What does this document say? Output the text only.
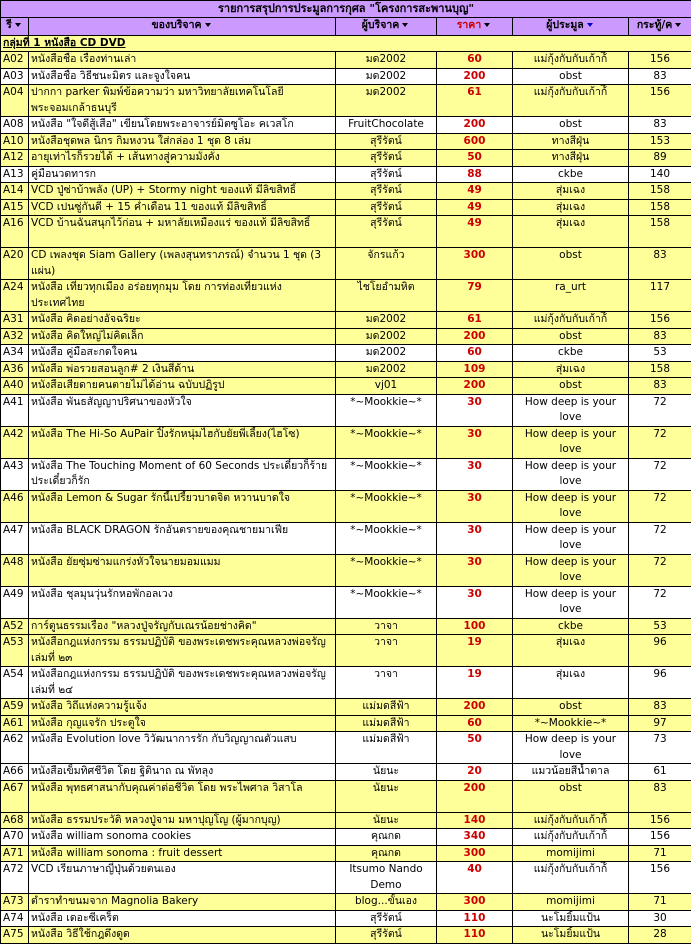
รายการสรุปการประมูลการกุศล "โครงการสะพานบุญ"					
รี	ของบริจาค	ผู้บริจาค	ราคา	ผู้ประมูล	กระทู้/ค
กลุ่มที่ 1 หนังสือ CD DVD					
A02	หนังสือชื่อ เรื่องท่านเล่า	มด2002	60	แม่กุ้งกับกับเก้าก้ี	156
A03	หนังสือชื่อ วิธีชนะมิตร และจูงใจคน	มด2002	200	obst	83
A04	ปากกา parker พิมพ์ข้อความว่า มหาวิทยาลัยเทคโนโลยีพระจอมเกล้าธนบุรี	มด2002	61	แม่กุ้งกับกับเก้าก้ี	156
A08	หนังสือ "ใจดีสู้เสือ" เขียนโดยพระอาจารย์มิตซูโอะ คเวสโก	FruitChocolate	200	obst	83
A10	หนังสือชุดพล นิกร กิมหงวน ใส่กล่อง 1 ชุด 8 เล่ม	สุรีรัตน์	600	ทางสีฝุ่น	153
A12	อายุเท่าไรก็รวยได้ + เส้นทางสู่ความมั่งคั่ง	สุรีรัตน์	50	ทางสีฝุ่น	89
A13	คู่มือนวดทารก	สุรีรัตน์	88	ckbe	140
A14	VCD ปู่ซ่าบ้าพลัง (UP) + Stormy night ของแท้ มีลิขสิทธิ์	สุรีรัตน์	49	สุ่มเฉง	158
A15	VCD เปนซู่กันดี + 15 ค่ำเดือน 11 ของแท้ มีลิขสิทธิ์	สุรีรัตน์	49	สุ่มเฉง	158
A16	VCD บ้านฉันสนุกไว้ก่อน + มหาลัยเหมืองแร่ ของแท้ มีลิขสิทธิ์	สุรีรัตน์	49	สุ่มเฉง	158
A20	CD เพลงชุด Siam Gallery (เพลงสุนทราภรณ์) จำนวน 1 ชุด (3 แผ่น)	จักรแก้ว	300	obst	83
A24	หนังสือ เที่ยวทุกเมือง อร่อยทุกมุม โดย การท่องเที่ยวแห่งประเทศไทย	ไชโยอำมหิต	79	ra_urt	117
A31	หนังสือ คิดอย่างอัจฉริยะ	มด2002	61	แม่กุ้งกับกับเก้าก้ี	156
A32	หนังสือ คิดใหญ่ไม่คิดเล็ก	มด2002	200	obst	83
A34	หนังสือ คู่มือสะกดใจคน	มด2002	60	ckbe	53
A36	หนังสือ พ่อรวยสอนลูก# 2 เงินสี่ด้าน	มด2002	109	สุ่มเฉง	158
A40	หนังสือเสียดายคนตายไม่ได้อ่าน ฉบับปฏิรูป	vj01	200	obst	83
A41	หนังสือ พันธสัญญาปริศนาของหัวใจ	*~Mookkie~*	30	How deep is your love	72
A42	หนังสือ The Hi-So AuPair ปิ๊งรักหนุ่มไฮกับยัยพี่เลี้ยง(ไฮโซ)	*~Mookkie~*	30	How deep is your love	72
A43	หนังสือ The Touching Moment of 60 Seconds ประเดี๋ยวก็ร้าย ประเดี๋ยวก็รัก	*~Mookkie~*	30	How deep is your love	72
A46	หนังสือ Lemon & Sugar รักนี้เปรี้ยวบาดจิต หวานบาดใจ	*~Mookkie~*	30	How deep is your love	72
A47	หนังสือ BLACK DRAGON รักอันตรายของคุณชายมาเฟีย	*~Mookkie~*	30	How deep is your love	72
A48	หนังสือ ยัยซุ่มซ่ามแกร่งหัวใจนายมอมแมม	*~Mookkie~*	30	How deep is your love	72
A49	หนังสือ ชุลมุนวุ่นรักหอพักอลเวง	*~Mookkie~*	30	How deep is your love	72
A52	การ์ตูนธรรมเรื่อง "หลวงปู่จรัญกับเณรน้อยช่างคิด"	วาจา	100	ckbe	53
A53	หนังสือกฎแห่งกรรม ธรรมปฏิบัติ ของพระเดชพระคุณหลวงพ่อจรัญ เล่มที่ ๒๓	วาจา	19	สุ่มเฉง	96
A54	หนังสือกฎแห่งกรรม ธรรมปฏิบัติ ของพระเดชพระคุณหลวงพ่อจรัญ เล่มที่ ๒๔	วาจา	19	สุ่มเฉง	96
A59	หนังสือ วิถีแห่งความรู้แจ้ง	แม่มดสีฟ้า	200	obst	83
A61	หนังสือ กุญแจรัก ประตูใจ	แม่มดสีฟ้า	60	*~Mookkie~*	97
A62	หนังสือ Evolution love วิวัฒนาการรัก กับวิญญาณตัวแสบ	แม่มดสีฟ้า	50	How deep is your love	73
A66	หนังสือเข็มทิศชีวิต โดย ฐิตินาถ ณ พัทลุง	นัยนะ	20	แมวน้อยสีน้ำตาล	61
A67	หนังสือ พุทธศาสนากับคุณค่าต่อชีวิต โดย พระไพศาล วิสาโล	นัยนะ	200	obst	83
A68	หนังสือ ธรรมประวัติ หลวงปู่จาม มหาปุญโญ (ผู้มากบุญ)	นัยนะ	140	แม่กุ้งกับกับเก้าก้ี	156
A70	หนังสือ william sonoma cookies	คุณกด	340	แม่กุ้งกับกับเก้าก้ี	156
A71	หนังสือ william sonoma : fruit dessert	คุณกด	300	momijimi	71
A72	VCD เรียนภาษาญี่ปุ่นด้วยตนเอง	Itsumo Nando Demo	40	แม่กุ้งกับกับเก้าก้ี	156
A73	ตำราทำขนมจาก Magnolia Bakery	blog...ขั้นเอง	300	momijimi	71
A74	หนังสือ เดอะซีเคร็ต	สุรีรัตน์	110	นะโมยิ้มแป้น	30
A75	หนังสือ วิธีใช้กฎดึงดูด	สุรีรัตน์	110	นะโมยิ้มแป้น	28
